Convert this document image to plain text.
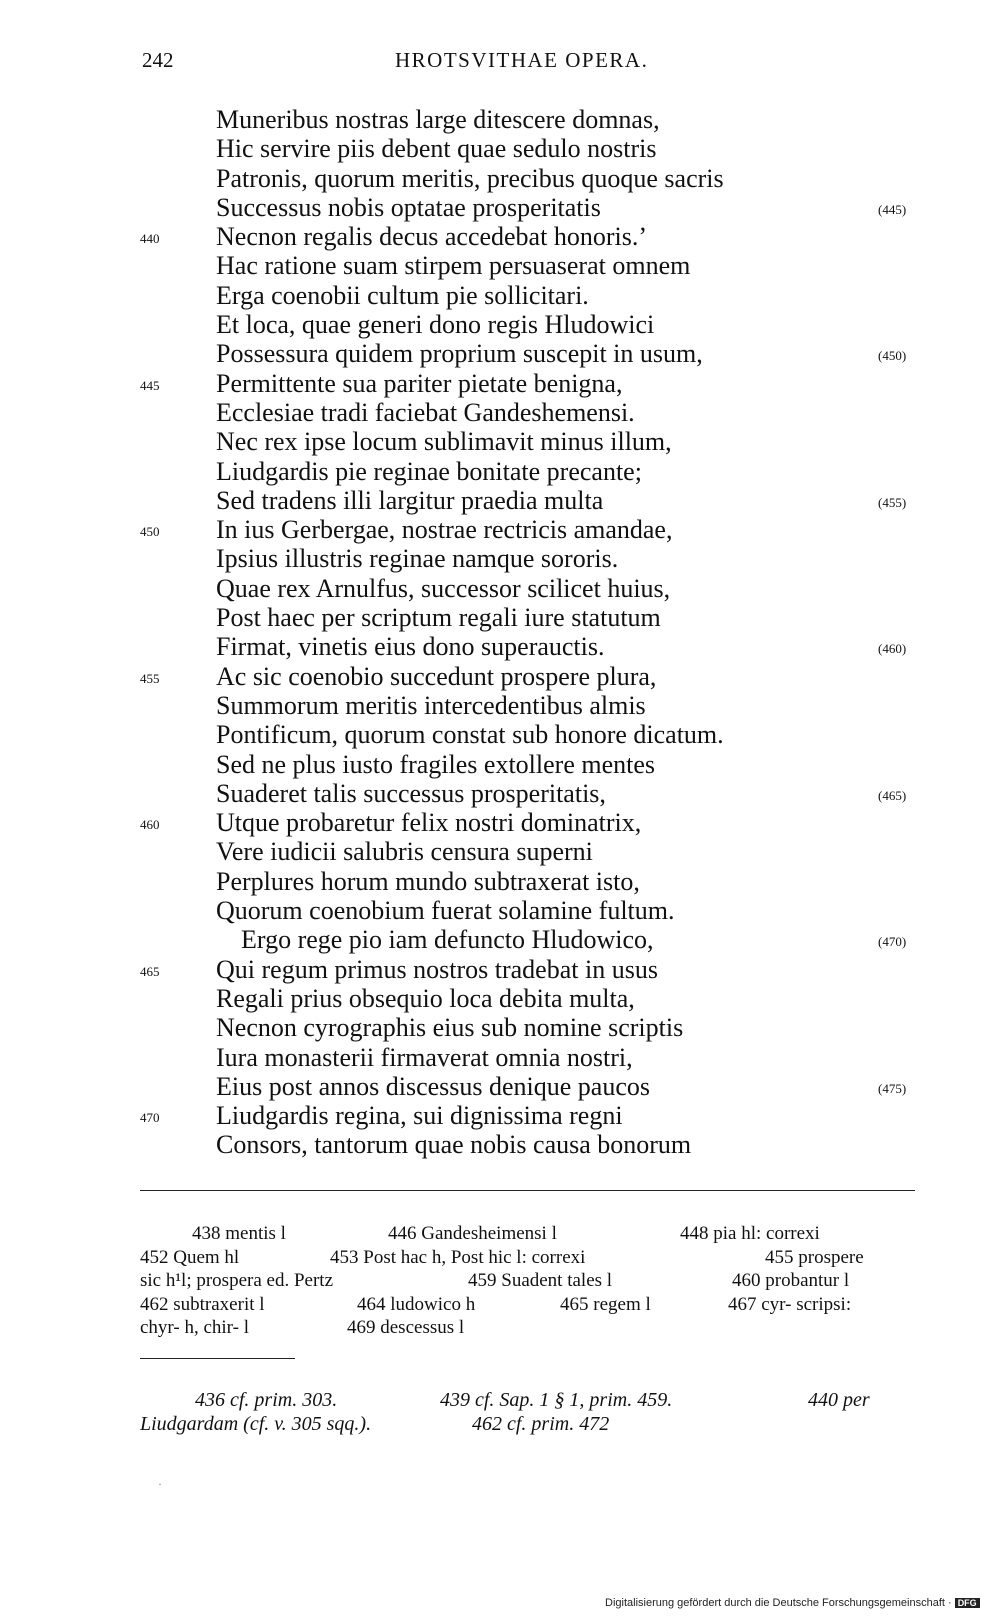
242	HROTSVITHAE OPERA.
Muneribus nostras large ditescere domnas,
Hic servire piis debent quae sedulo nostris
Patronis, quorum meritis, precibus quoque sacris
Successus nobis optatae prosperitatis	(445)
440 Necnon regalis decus accedebat honoris.’
Hac ratione suam stirpem persuaserat omnem
Erga coenobii cultum pie sollicitari.
Et loca, quae generi dono regis Hludowici
Possessura quidem proprium suscepit in usum,	(450)
445 Permittente sua pariter pietate benigna,
Ecclesiae tradi faciebat Gandeshemensi.
Nec rex ipse locum sublimavit minus illum,
Liudgardis pie reginae bonitate precante;
Sed tradens illi largitur praedia multa	(455)
450 In ius Gerbergae, nostrae rectricis amandae,
Ipsius illustris reginae namque sororis.
Quae rex Arnulfus, successor scilicet huius,
Post haec per scriptum regali iure statutum
Firmat, vinetis eius dono superauctis.	(460)
455 Ac sic coenobio succedunt prospere plura,
Summorum meritis intercedentibus almis
Pontificum, quorum constat sub honore dicatum.
Sed ne plus iusto fragiles extollere mentes
Suaderet talis successus prosperitatis,	(465)
460 Utque probaretur felix nostri dominatrix,
Vere iudicii salubris censura superni
Perplures horum mundo subtraxerat isto,
Quorum coenobium fuerat solamine fultum.
Ergo rege pio iam defuncto Hludowico,	(470)
465 Qui regum primus nostros tradebat in usus
Regali prius obsequio loca debita multa,
Necnon cyrographis eius sub nomine scriptis
Iura monasterii firmaverat omnia nostri,
Eius post annos discessus denique paucos	(475)
470 Liudgardis regina, sui dignissima regni
Consors, tantorum quae nobis causa bonorum
438 mentis l	446 Gandesheimensi l	448 pia hl: correxi
452 Quem hl	453 Post hac h, Post hic l: correxi	455 prospere
sic h¹l; prospera ed. Pertz	459 Suadent tales l	460 probantur l
462 subtraxerit l	464 ludowico h	465 regem l	467 cyr- scripsi:
chyr- h, chir- l	469 descessus l
436 cf. prim. 303.	439 cf. Sap. 1 § 1, prim. 459.	440 per
Liudgardam (cf. v. 305 sqq.).	462 cf. prim. 472
·
Digitalisierung gefördert durch die Deutsche Forschungsgemeinschaft · DFG
